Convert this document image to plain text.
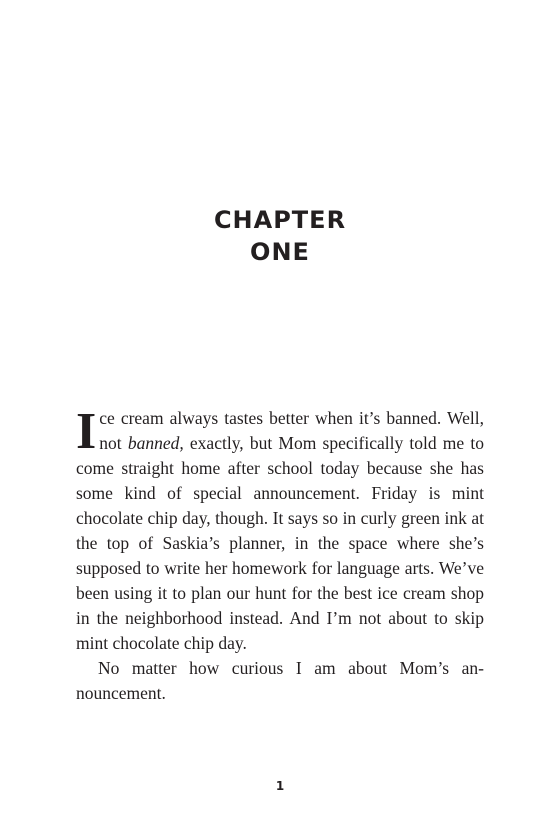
CHAPTER
ONE

Ice cream always tastes better when it’s banned. Well, not banned, exactly, but Mom specifically told me to come straight home after school today because she has some kind of special announcement. Friday is mint chocolate chip day, though. It says so in curly green ink at the top of Saskia’s planner, in the space where she’s supposed to write her homework for language arts. We’ve been using it to plan our hunt for the best ice cream shop in the neighborhood instead. And I’m not about to skip mint chocolate chip day.

No matter how curious I am about Mom’s announcement.

1
